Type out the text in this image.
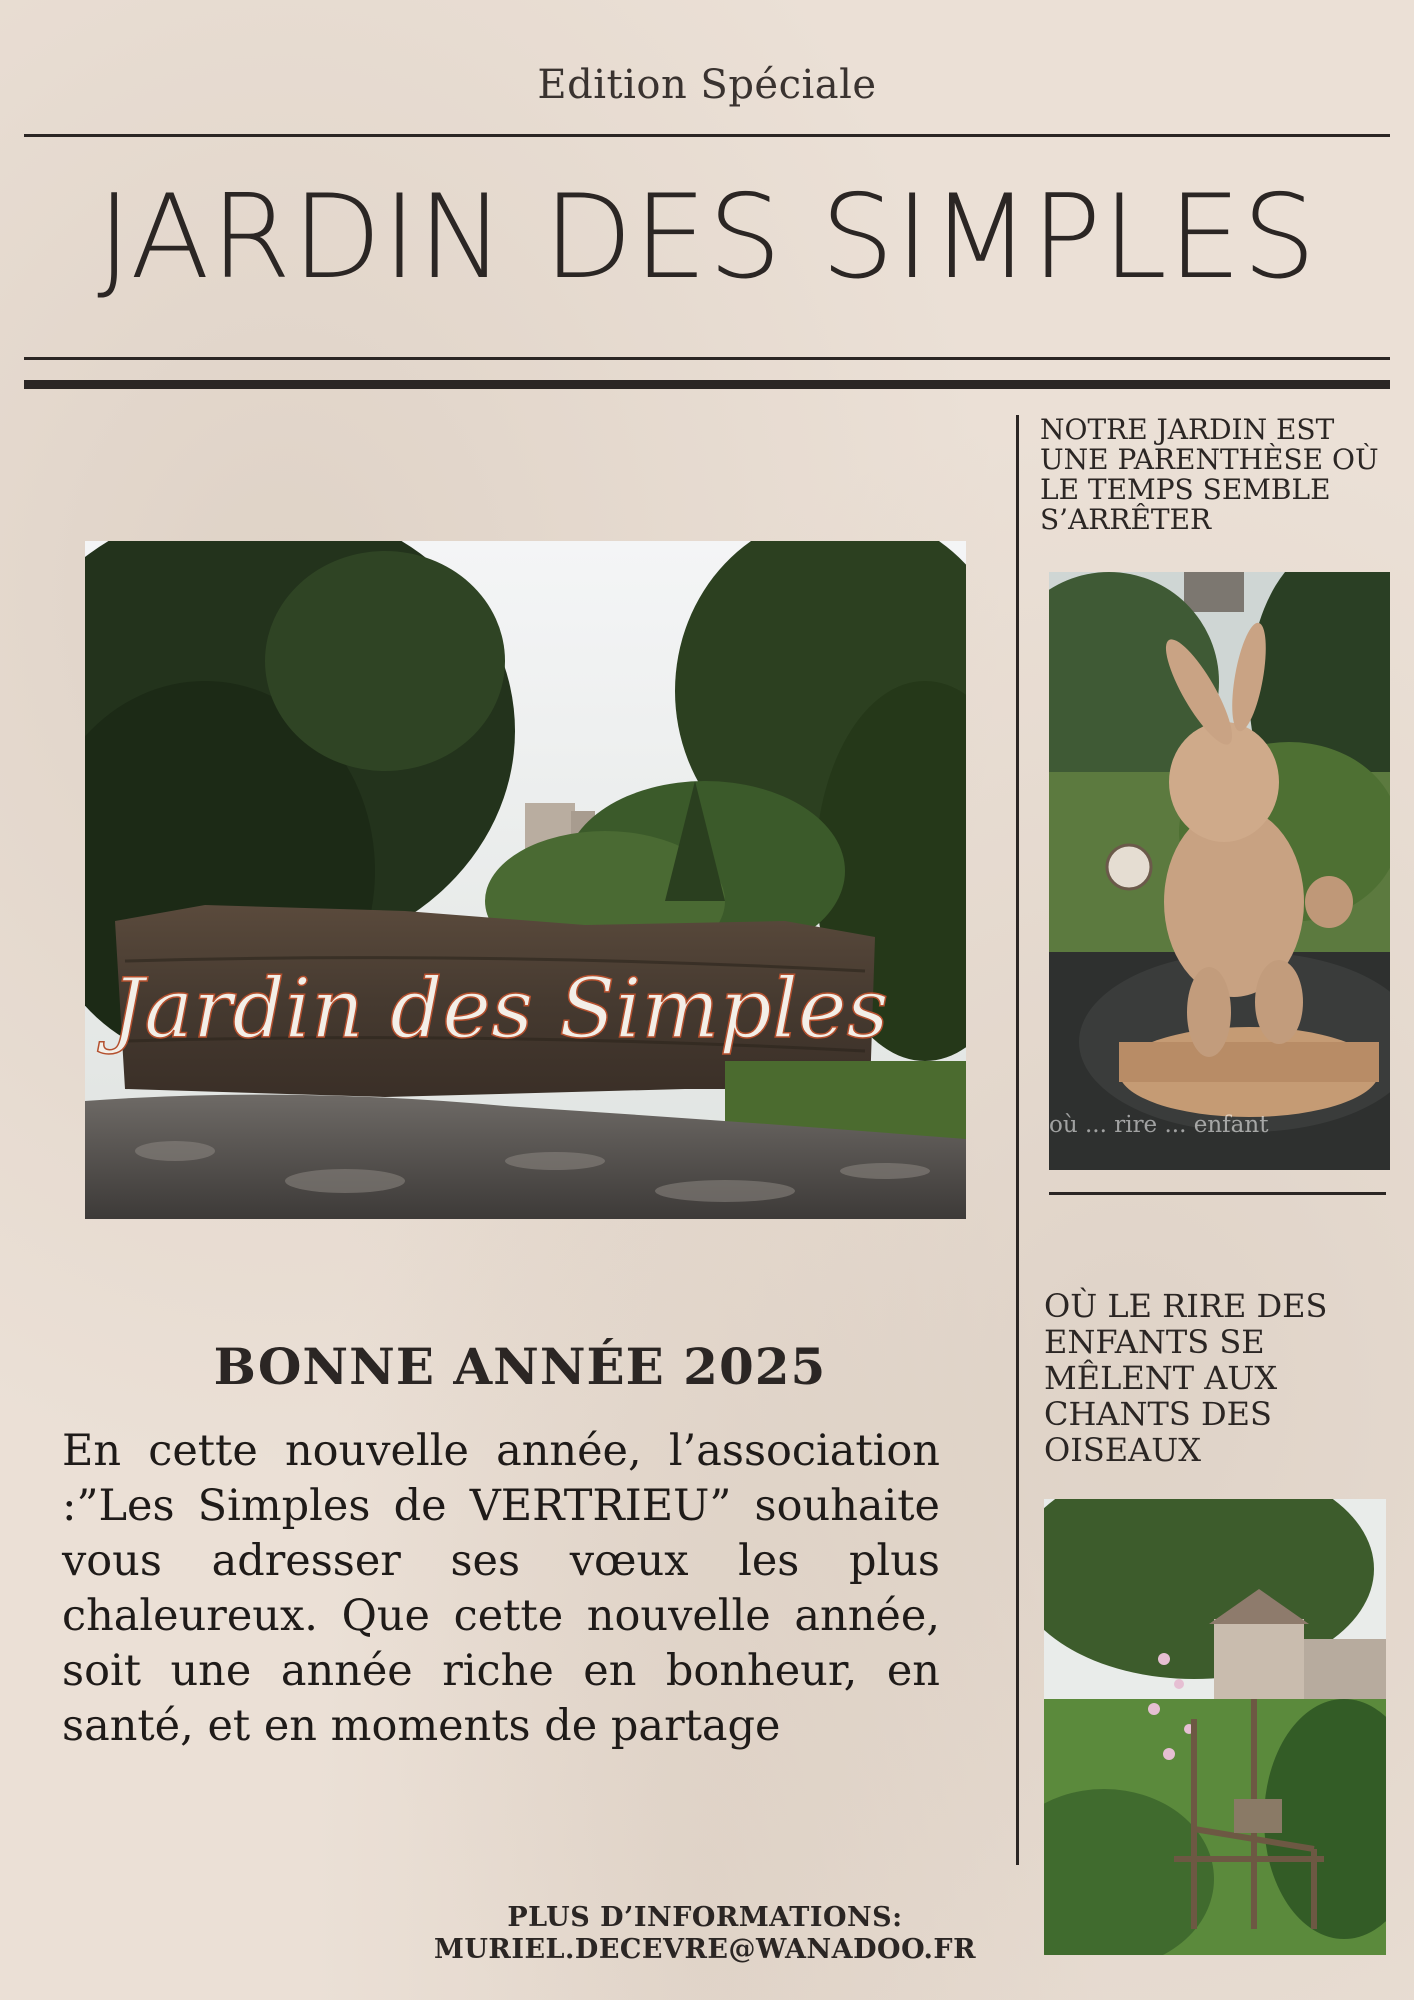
Edition Spéciale
JARDIN DES SIMPLES
Jardin des Simples
NOTRE JARDIN EST UNE PARENTHÈSE OÙ LE TEMPS SEMBLE S’ARRÊTER
où ... rire ... enfant
OÙ LE RIRE DES ENFANTS SE MÊLENT AUX CHANTS DES OISEAUX
BONNE ANNÉE 2025
En cette nouvelle année, l’association :”Les Simples de VERTRIEU” souhaite vous adresser ses vœux les plus chaleureux. Que cette nouvelle année, soit une année riche en bonheur, en santé, et en moments de partage
PLUS D’INFORMATIONS:
MURIEL.DECEVRE@WANADOO.FR
